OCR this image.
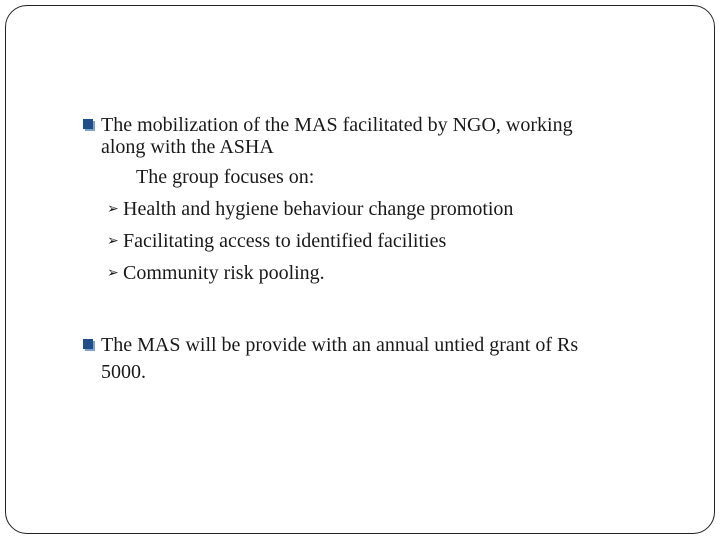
The mobilization of the MAS facilitated by NGO, working
along with the ASHA
The group focuses on:
➢ Health and hygiene behaviour change promotion
➢ Facilitating access to identified facilities
➢ Community risk pooling.
The MAS will be provide with an annual untied grant of Rs
5000.
